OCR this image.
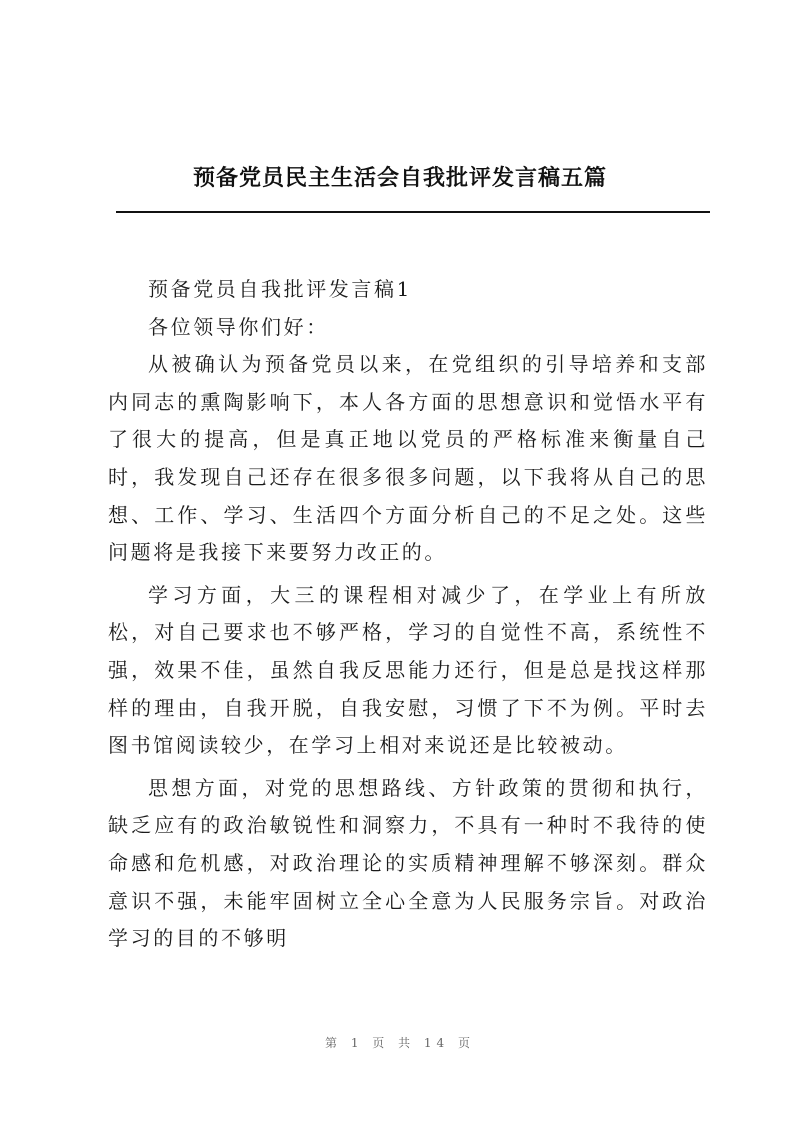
预备党员民主生活会自我批评发言稿五篇

预备党员自我批评发言稿1

各位领导你们好：

从被确认为预备党员以来，在党组织的引导培养和支部内同志的熏陶影响下，本人各方面的思想意识和觉悟水平有了很大的提高，但是真正地以党员的严格标准来衡量自己时，我发现自己还存在很多很多问题，以下我将从自己的思想、工作、学习、生活四个方面分析自己的不足之处。这些问题将是我接下来要努力改正的。

学习方面，大三的课程相对减少了，在学业上有所放松，对自己要求也不够严格，学习的自觉性不高，系统性不强，效果不佳，虽然自我反思能力还行，但是总是找这样那样的理由，自我开脱，自我安慰，习惯了下不为例。平时去图书馆阅读较少，在学习上相对来说还是比较被动。

思想方面，对党的思想路线、方针政策的贯彻和执行，缺乏应有的政治敏锐性和洞察力，不具有一种时不我待的使命感和危机感，对政治理论的实质精神理解不够深刻。群众意识不强，未能牢固树立全心全意为人民服务宗旨。对政治学习的目的不够明

第 1 页 共 14 页
